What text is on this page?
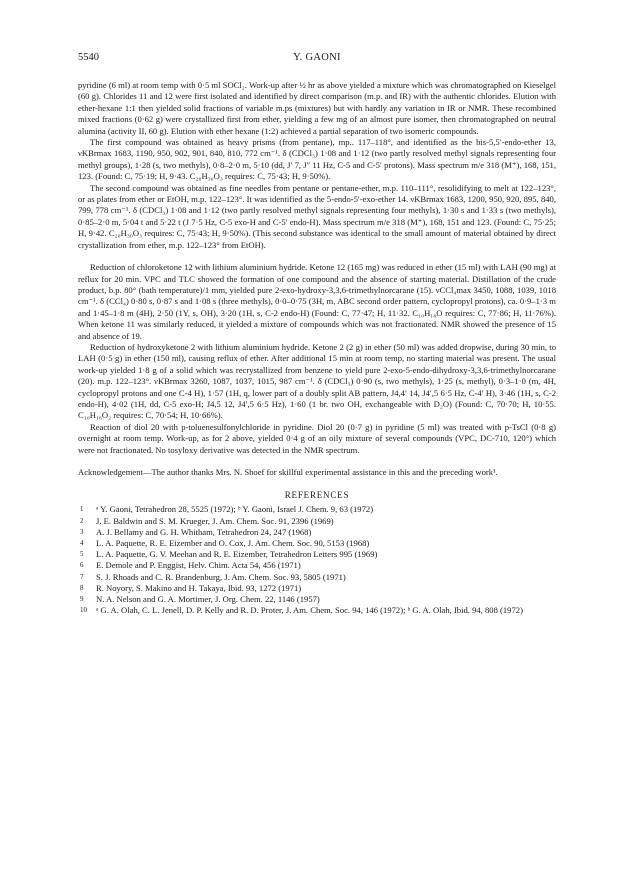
5540	Y. GAONI

pyridine (6 ml) at room temp with 0·5 ml SOCl₂. Work-up after ½ hr as above yielded a mixture which was chromatographed on Kieselgel (60 g). Chlorides 11 and 12 were first isolated and identified by direct comparison (m.p. and IR) with the authentic chlorides. Elution with ether-hexane 1:1 then yielded solid fractions of variable m.ps (mixtures) but with hardly any variation in IR or NMR. These recombined mixed fractions (0·62 g) were crystallized first from ether, yielding a few mg of an almost pure isomer, then chromatographed on neutral alumina (activity II, 60 g). Elution with ether hexane (1:2) achieved a partial separation of two isomeric compounds.

The first compound was obtained as heavy prisms (from pentane), mp.. 117–118°, and identified as the bis-5,5′-endo-ether 13, νKBrmax 1683, 1190, 950, 902, 901, 840, 810, 772 cm⁻¹. δ (CDCl₃) 1·08 and 1·12 (two partly resolved methyl signals representing four methyl groups), 1·28 (s, two methyls), 0·8–2·0 m, 5·10 (dd, J′ 7, J″ 11 Hz, C-5 and C-5′ protons). Mass spectrum m/e 318 (M⁺), 168, 151, 123. (Found: C, 75·19; H, 9·43. C₂₀H₃₀O₃ requires: C, 75·43; H, 9·50%).

The second compound was obtained as fine needles from pentane or pentane-ether, m.p. 110–111°, resolidifying to melt at 122–123°, or as plates from ether or EtOH, m.p. 122–123°. It was identified as the 5-endo-5′-exo-ether 14. νKBrmax 1683, 1200, 950, 920, 895, 840, 799, 778 cm⁻¹. δ (CDCl₃) 1·08 and 1·12 (two partly resolved methyl signals representing four methyls), 1·30 s and 1·33 s (two methyls), 0·85–2·0 m, 5·04 t and 5·22 t (J 7·5 Hz, C-5 exo-H and C-5′ endo-H). Mass spectrum m/e 318 (M⁺), 168, 151 and 123. (Found: C, 75·25; H, 9·42. C₂₀H₃₀O₃ requires: C, 75·43; H, 9·50%). (This second substance was identical to the small amount of material obtained by direct crystallization from ether, m.p. 122–123° from EtOH).

Reduction of chloroketone 12 with lithium aluminium hydride. Ketone 12 (165 mg) was reduced in ether (15 ml) with LAH (90 mg) at reflux for 20 min. VPC and TLC showed the formation of one compound and the absence of starting material. Distillation of the crude product, b.p. 80° (bath temperature)/1 mm, yielded pure 2-exo-hydroxy-3,3,6-trimethylnorcarane (15). νCCl₄max 3450, 1088, 1039, 1018 cm⁻¹. δ (CCl₄) 0·80 s, 0·87 s and 1·08 s (three methyls), 0·0–0·75 (3H, m, ABC second order pattern, cyclopropyl protons), ca. 0·9–1·3 m and 1·45–1·8 m (4H), 2·50 (1Y, s, OH), 3·20 (1H, s, C-2 endo-H) (Found: C, 77·47; H, 11·32. C₁₀H₁₈O requires: C, 77·86; H, 11·76%). When ketone 11 was similarly reduced, it yielded a mixture of compounds which was not fractionated. NMR showed the presence of 15 and absence of 19.

Reduction of hydroxyketone 2 with lithium aluminium hydride. Ketone 2 (2 g) in ether (50 ml) was added dropwise, during 30 min, to LAH (0·5 g) in ether (150 ml), causing reflux of ether. After additional 15 min at room temp, no starting material was present. The usual work-up yielded 1·8 g of a solid which was recrystallized from benzene to yield pure 2-exo-5-endo-dihydroxy-3,3,6-trimethylnorcarane (20). m.p. 122–123°. νKBrmax 3260, 1087, 1037, 1015, 987 cm⁻¹. δ (CDCl₃) 0·90 (s, two methyls), 1·25 (s, methyl), 0·3–1·0 (m, 4H, cyclopropyl protons and one C-4 H), 1·57 (1H, q, lower part of a doubly split AB pattern, J4,4′ 14, J4′,5 6·5 Hz, C-4′ H), 3·46 (1H, s, C-2 endo-H), 4·02 (1H, dd, C-5 exo-H; J4,5 12, J4′,5 6·5 Hz), 1·60 (1 br. two OH, exchangeable with D₂O) (Found: C, 70·70; H, 10·55. C₁₀H₁₈O₂ requires: C, 70·54; H, 10·66%).

Reaction of diol 20 with p-toluenesulfonylchloride in pyridine. Diol 20 (0·7 g) in pyridine (5 ml) was treated with p-TsCl (0·8 g) overnight at room temp. Work-up, as for 2 above, yielded 0·4 g of an oily mixture of several compounds (VPC, DC-710, 120°) which were not fractionated. No tosyloxy derivative was detected in the NMR spectrum.

Acknowledgement—The author thanks Mrs. N. Shoef for skillful experimental assistance in this and the preceding work¹.

REFERENCES
1	ᵃ Y. Gaoni, Tetrahedron 28, 5525 (1972); ᵇ Y. Gaoni, Israel J. Chem. 9, 63 (1972)
2	J. E. Baldwin and S. M. Krueger, J. Am. Chem. Soc. 91, 2396 (1969)
3	A. J. Bellamy and G. H. Whitham, Tetrahedron 24, 247 (1968)
4	L. A. Paquette, R. E. Eizember and O. Cox, J. Am. Chem. Soc. 90, 5153 (1968)
5	L. A. Paquette, G. V. Meehan and R. E. Eizember, Tetrahedron Letters 995 (1969)
6	E. Demole and P. Enggist, Helv. Chim. Acta 54, 456 (1971)
7	S. J. Rhoads and C. R. Brandenburg, J. Am. Chem. Soc. 93, 5805 (1971)
8	R. Noyory, S. Makino and H. Takaya, Ibid. 93, 1272 (1971)
9	N. A. Nelson and G. A. Mortimer, J. Org. Chem. 22, 1146 (1957)
10	ᵃ G. A. Olah, C. L. Jenell, D. P. Kelly and R. D. Proter, J. Am. Chem. Soc. 94, 146 (1972); ᵇ G. A. Olah, Ibid. 94, 808 (1972)
